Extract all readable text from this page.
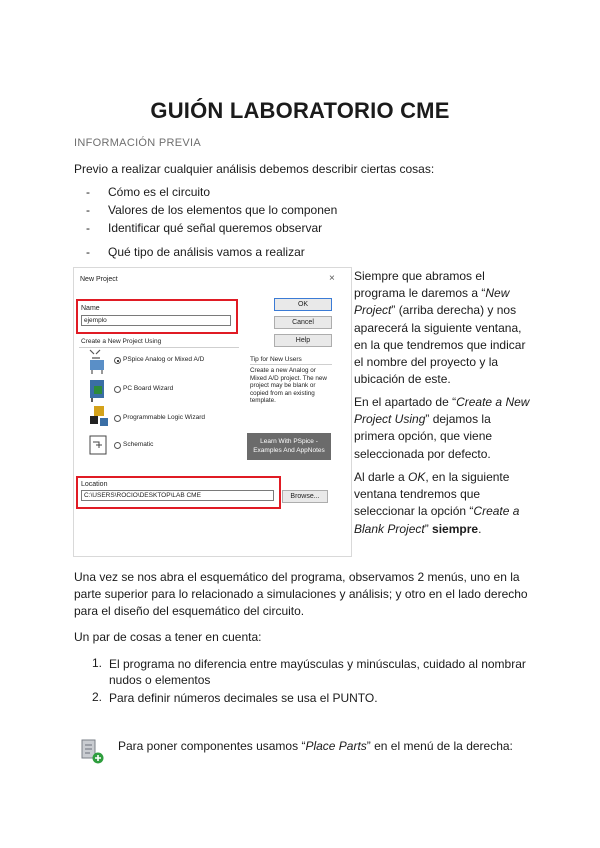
GUIÓN LABORATORIO CME
INFORMACIÓN PREVIA
Previo a realizar cualquier análisis debemos describir ciertas cosas:
- Cómo es el circuito
- Valores de los elementos que lo componen
- Identificar qué señal queremos observar
- Qué tipo de análisis vamos a realizar
New Project	×
Name
ejemplo
OK
Cancel
Help
Create a New Project Using
PSpice Analog or Mixed A/D
PC Board Wizard
Programmable Logic Wizard
Schematic
Tip for New Users
Create a new Analog or Mixed A/D project. The new project may be blank or copied from an existing template.
Learn With PSpice - Examples And AppNotes
Location
C:\USERS\ROCIO\DESKTOP\LAB CME	Browse...
Siempre que abramos el programa le daremos a “New Project” (arriba derecha) y nos aparecerá la siguiente ventana, en la que tendremos que indicar el nombre del proyecto y la ubicación de este.
En el apartado de “Create a New Project Using” dejamos la primera opción, que viene seleccionada por defecto.
Al darle a OK, en la siguiente ventana tendremos que seleccionar la opción “Create a Blank Project” siempre.
Una vez se nos abra el esquemático del programa, observamos 2 menús, uno en la parte superior para lo relacionado a simulaciones y análisis; y otro en el lado derecho para el diseño del esquemático del circuito.
Un par de cosas a tener en cuenta:
1. El programa no diferencia entre mayúsculas y minúsculas, cuidado al nombrar nudos o elementos
2. Para definir números decimales se usa el PUNTO.
Para poner componentes usamos “Place Parts” en el menú de la derecha:
